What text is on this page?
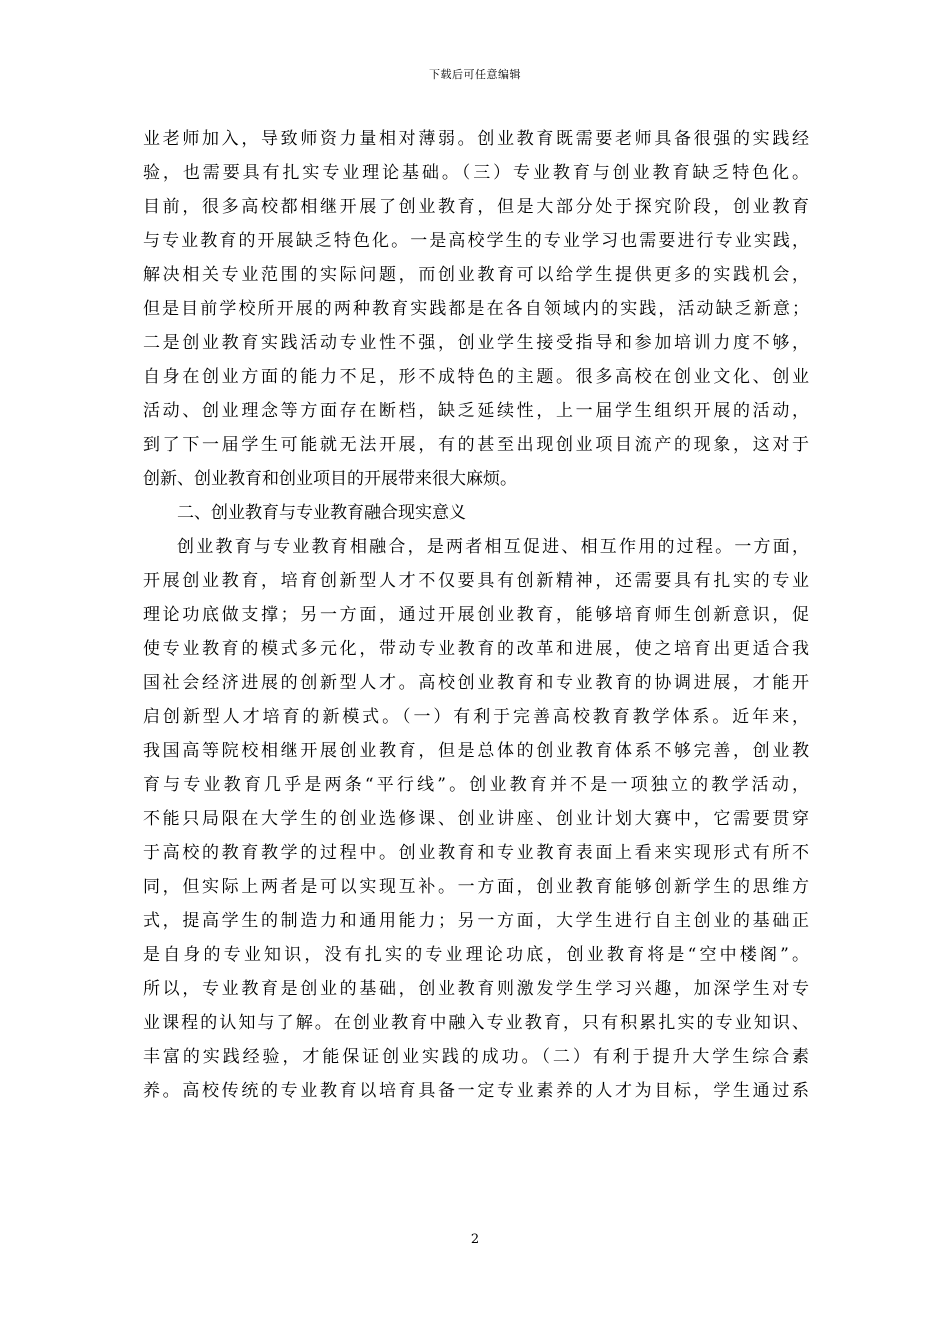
下载后可任意编辑
业老师加入，导致师资力量相对薄弱。创业教育既需要老师具备很强的实践经
验，也需要具有扎实专业理论基础。（三）专业教育与创业教育缺乏特色化。
目前，很多高校都相继开展了创业教育，但是大部分处于探究阶段，创业教育
与专业教育的开展缺乏特色化。一是高校学生的专业学习也需要进行专业实践，
解决相关专业范围的实际问题，而创业教育可以给学生提供更多的实践机会，
但是目前学校所开展的两种教育实践都是在各自领域内的实践，活动缺乏新意；
二是创业教育实践活动专业性不强，创业学生接受指导和参加培训力度不够，
自身在创业方面的能力不足，形不成特色的主题。很多高校在创业文化、创业
活动、创业理念等方面存在断档，缺乏延续性，上一届学生组织开展的活动，
到了下一届学生可能就无法开展，有的甚至出现创业项目流产的现象，这对于
创新、创业教育和创业项目的开展带来很大麻烦。
二、创业教育与专业教育融合现实意义
创业教育与专业教育相融合，是两者相互促进、相互作用的过程。一方面，
开展创业教育，培育创新型人才不仅要具有创新精神，还需要具有扎实的专业
理论功底做支撑；另一方面，通过开展创业教育，能够培育师生创新意识，促
使专业教育的模式多元化，带动专业教育的改革和进展，使之培育出更适合我
国社会经济进展的创新型人才。高校创业教育和专业教育的协调进展，才能开
启创新型人才培育的新模式。（一）有利于完善高校教育教学体系。近年来，
我国高等院校相继开展创业教育，但是总体的创业教育体系不够完善，创业教
育与专业教育几乎是两条“平行线”。创业教育并不是一项独立的教学活动，
不能只局限在大学生的创业选修课、创业讲座、创业计划大赛中，它需要贯穿
于高校的教育教学的过程中。创业教育和专业教育表面上看来实现形式有所不
同，但实际上两者是可以实现互补。一方面，创业教育能够创新学生的思维方
式，提高学生的制造力和通用能力；另一方面，大学生进行自主创业的基础正
是自身的专业知识，没有扎实的专业理论功底，创业教育将是“空中楼阁”。
所以，专业教育是创业的基础，创业教育则激发学生学习兴趣，加深学生对专
业课程的认知与了解。在创业教育中融入专业教育，只有积累扎实的专业知识、
丰富的实践经验，才能保证创业实践的成功。（二）有利于提升大学生综合素
养。高校传统的专业教育以培育具备一定专业素养的人才为目标，学生通过系
2
